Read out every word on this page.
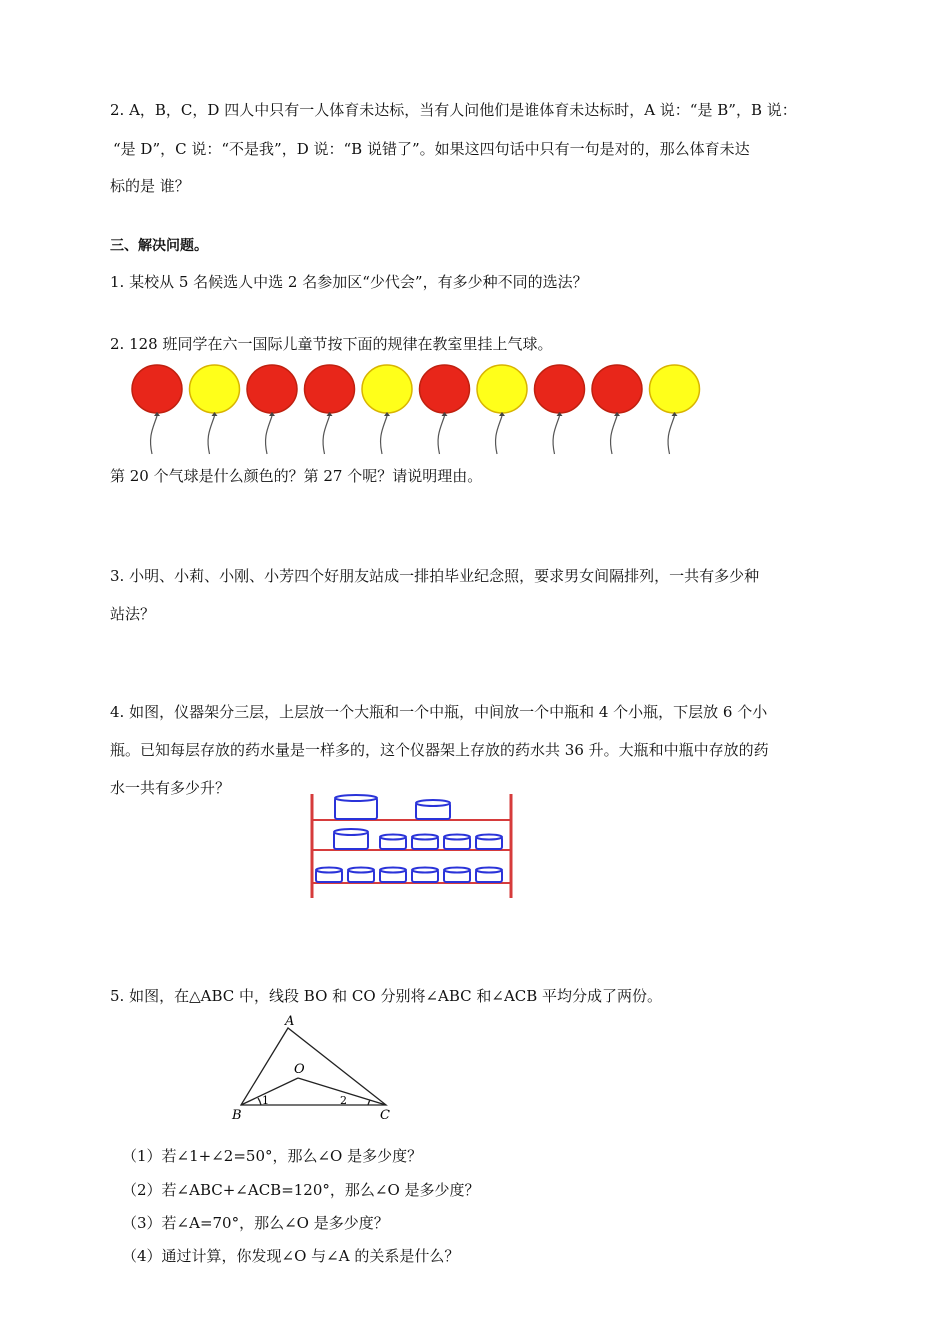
2. A，B，C，D 四人中只有一人体育未达标，当有人问他们是谁体育未达标时，A 说：“是 B”，B 说：
“是 D”，C 说：“不是我”，D 说：“B 说错了”。如果这四句话中只有一句是对的，那么体育未达
标的是 谁？
三、解决问题。
1. 某校从 5 名候选人中选 2 名参加区“少代会”，有多少种不同的选法？
2. 128 班同学在六一国际儿童节按下面的规律在教室里挂上气球。
第 20 个气球是什么颜色的？第 27 个呢？请说明理由。
3. 小明、小莉、小刚、小芳四个好朋友站成一排拍毕业纪念照，要求男女间隔排列，一共有多少种
站法？
4. 如图，仪器架分三层，上层放一个大瓶和一个中瓶，中间放一个中瓶和 4 个小瓶，下层放 6 个小
瓶。已知每层存放的药水量是一样多的，这个仪器架上存放的药水共 36 升。大瓶和中瓶中存放的药
水一共有多少升？
5. 如图，在△ABC 中，线段 BO 和 CO 分别将∠ABC 和∠ACB 平均分成了两份。
A
O
B	C
1	2
（1）若∠1+∠2=50°，那么∠O 是多少度？
（2）若∠ABC+∠ACB=120°，那么∠O 是多少度？
（3）若∠A=70°，那么∠O 是多少度？
（4）通过计算，你发现∠O 与∠A 的关系是什么？
